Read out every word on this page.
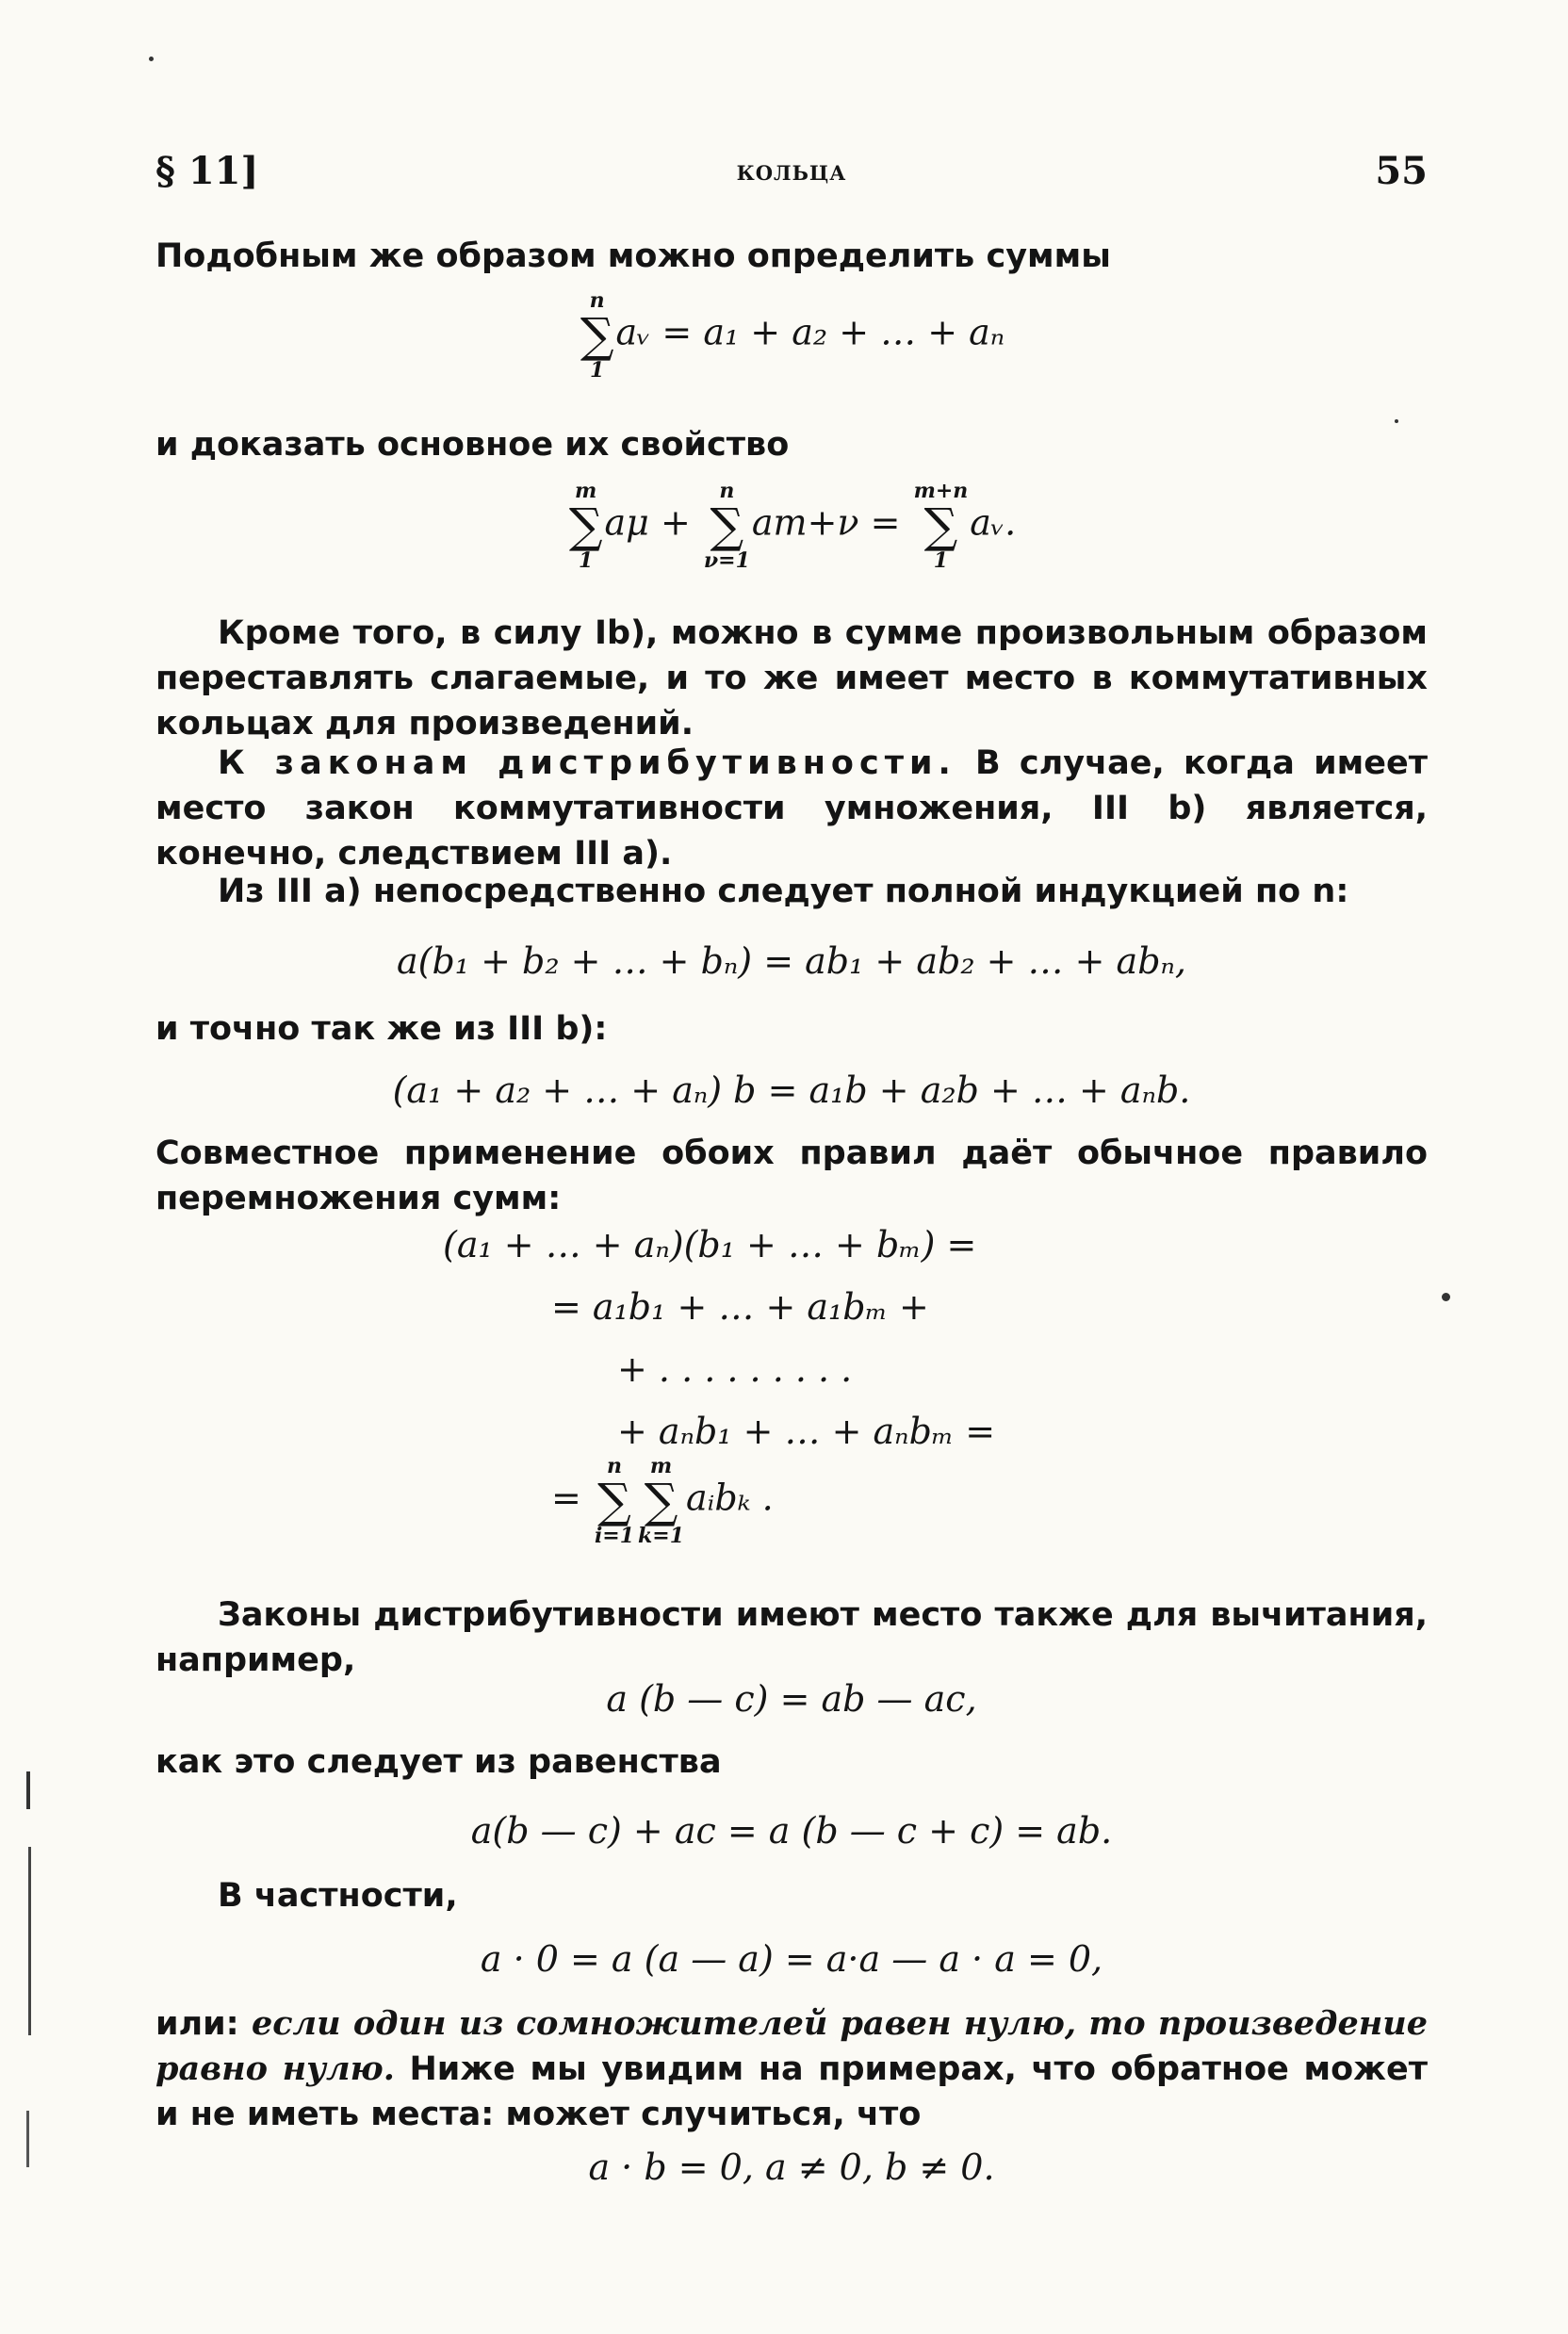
§ 11]	кольца	55
Подобным же образом можно определить суммы
n
∑
1
aᵥ = a₁ + a₂ + … + aₙ
и доказать основное их свойство
m
∑
1
aμ +
n
∑
ν=1
am+ν =
m+n
∑
1
aᵥ.
Кроме того, в силу Ib), можно в сумме произвольным образом переставлять слагаемые, и то же имеет место в коммутативных кольцах для произведений.
К законам дистрибутивности. В случае, когда имеет место закон коммутативности умножения, III b) является, конечно, следствием III a).
Из III a) непосредственно следует полной индукцией по n:
a(b₁ + b₂ + … + bₙ) = ab₁ + ab₂ + … + abₙ,
и точно так же из III b):
(a₁ + a₂ + … + aₙ) b = a₁b + a₂b + … + aₙb.
Совместное применение обоих правил даёт обычное правило перемножения сумм:
(a₁ + … + aₙ)(b₁ + … + bₘ) =
= a₁b₁ + … + a₁bₘ +
+ . . . . . . . . .
+ aₙb₁ + … + aₙbₘ =
=
n
∑
i=1
m
∑
k=1
aᵢbₖ .
Законы дистрибутивности имеют место также для вычитания, например,
a (b — c) = ab — ac,
как это следует из равенства
a(b — c) + ac = a (b — c + c) = ab.
В частности,
a · 0 = a (a — a) = a·a — a · a = 0,
или: если один из сомножителей равен нулю, то произведение равно нулю. Ниже мы увидим на примерах, что обратное может и не иметь места: может случиться, что
a · b = 0, a ≠ 0, b ≠ 0.
